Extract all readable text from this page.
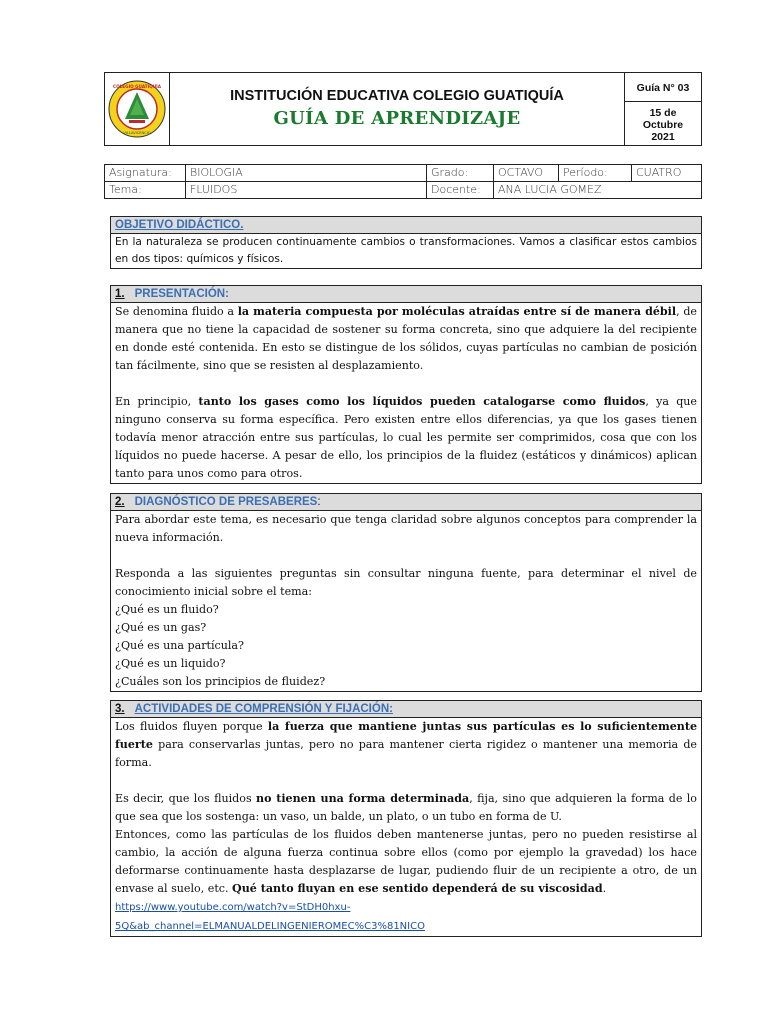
COLEGIO GUATIQUÍA
VILLAVICENCIO
INSTITUCIÓN EDUCATIVA COLEGIO GUATIQUÍA
GUÍA DE APRENDIZAJE
Guía N° 03
15 de
Octubre
2021
Asignatura:	BIOLOGIA	Grado:	OCTAVO	Período:	CUATRO
Tema:	FLUIDOS	Docente:	ANA LUCIA GOMEZ		
OBJETIVO DIDÁCTICO.

En la naturaleza se producen continuamente cambios o transformaciones. Vamos a clasificar estos cambios en dos tipos: químicos y físicos.

1. PRESENTACIÓN:

Se denomina fluido a la materia compuesta por moléculas atraídas entre sí de manera débil, de manera que no tiene la capacidad de sostener su forma concreta, sino que adquiere la del recipiente en donde esté contenida. En esto se distingue de los sólidos, cuyas partículas no cambian de posición tan fácilmente, sino que se resisten al desplazamiento.

En principio, tanto los gases como los líquidos pueden catalogarse como fluidos, ya que ninguno conserva su forma específica. Pero existen entre ellos diferencias, ya que los gases tienen todavía menor atracción entre sus partículas, lo cual les permite ser comprimidos, cosa que con los líquidos no puede hacerse. A pesar de ello, los principios de la fluidez (estáticos y dinámicos) aplican tanto para unos como para otros.

2. DIAGNÓSTICO DE PRESABERES:

Para abordar este tema, es necesario que tenga claridad sobre algunos conceptos para comprender la nueva información.

Responda a las siguientes preguntas sin consultar ninguna fuente, para determinar el nivel de conocimiento inicial sobre el tema:

¿Qué es un fluido?

¿Qué es un gas?

¿Qué es una partícula?

¿Qué es un liquido?

¿Cuáles son los principios de fluidez?

3. ACTIVIDADES DE COMPRENSIÓN Y FIJACIÓN:

Los fluidos fluyen porque la fuerza que mantiene juntas sus partículas es lo suficientemente fuerte para conservarlas juntas, pero no para mantener cierta rigidez o mantener una memoria de forma.

Es decir, que los fluidos no tienen una forma determinada, fija, sino que adquieren la forma de lo que sea que los sostenga: un vaso, un balde, un plato, o un tubo en forma de U.

Entonces, como las partículas de los fluidos deben mantenerse juntas, pero no pueden resistirse al cambio, la acción de alguna fuerza continua sobre ellos (como por ejemplo la gravedad) los hace deformarse continuamente hasta desplazarse de lugar, pudiendo fluir de un recipiente a otro, de un envase al suelo, etc. Qué tanto fluyan en ese sentido dependerá de su viscosidad.

https://www.youtube.com/watch?v=StDH0hxu-
5Q&ab_channel=ELMANUALDELINGENIEROMEC%C3%81NICO
